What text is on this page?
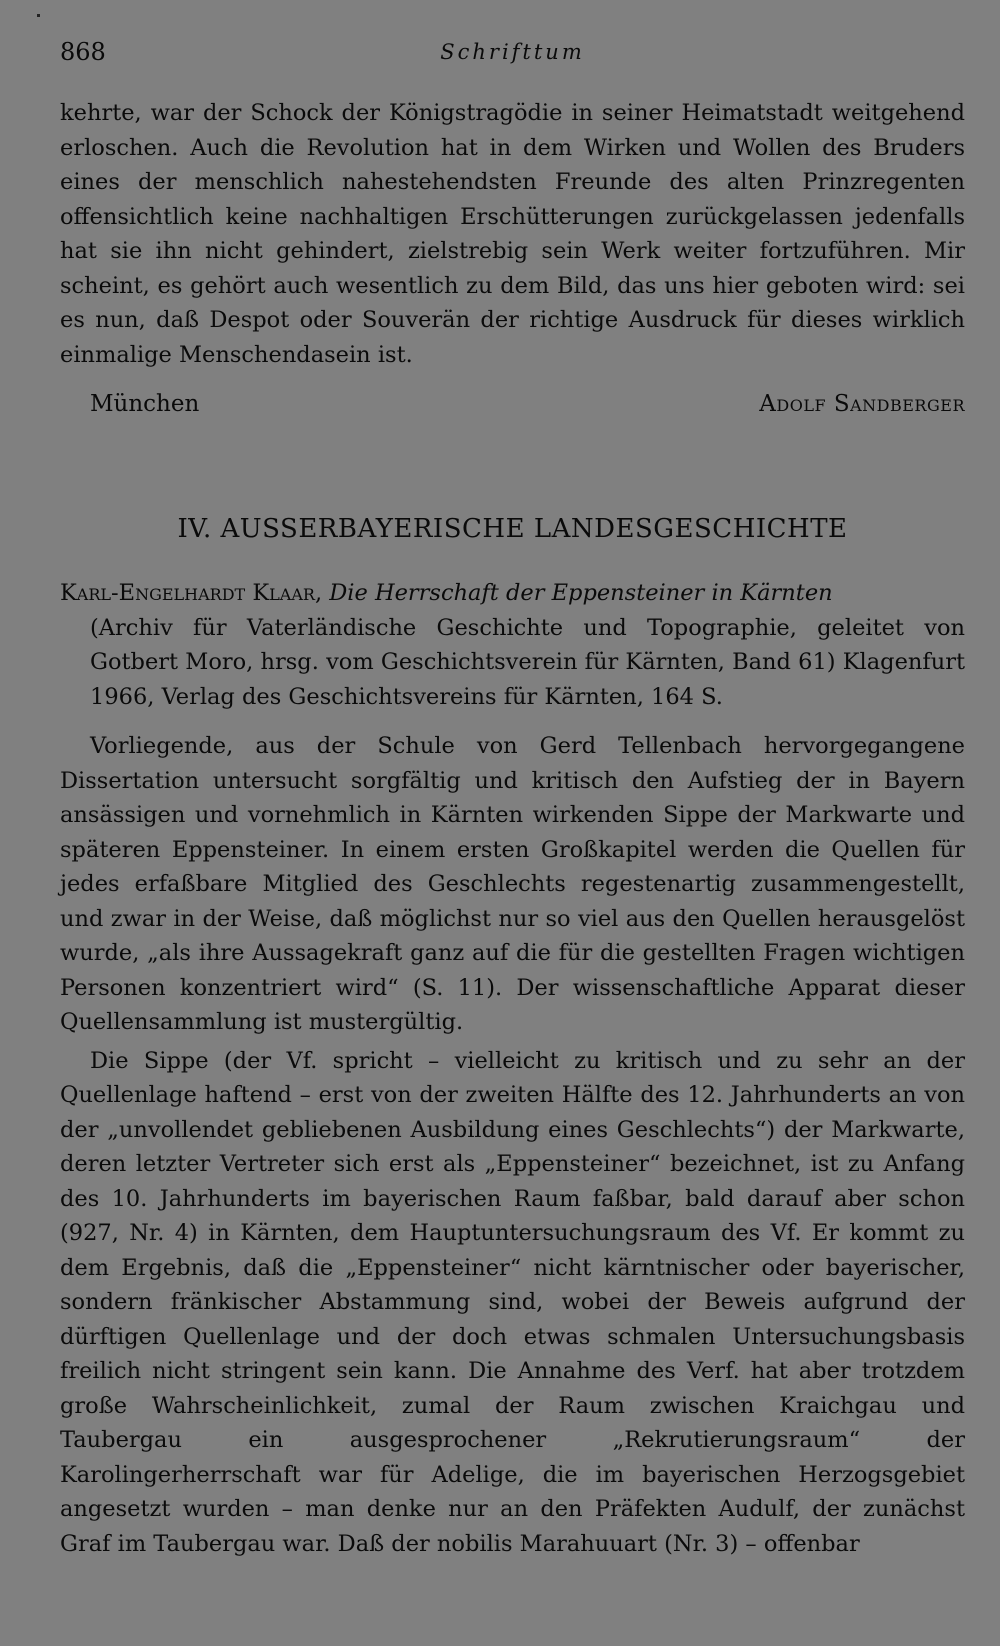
868	Schrifttum

kehrte, war der Schock der Königstragödie in seiner Heimatstadt weitgehend erloschen. Auch die Revolution hat in dem Wirken und Wollen des Bruders eines der menschlich nahestehendsten Freunde des alten Prinzregenten offensichtlich keine nachhaltigen Erschütterungen zurückgelassen jedenfalls hat sie ihn nicht gehindert, zielstrebig sein Werk weiter fortzuführen. Mir scheint, es gehört auch wesentlich zu dem Bild, das uns hier geboten wird: sei es nun, daß Despot oder Souverän der richtige Ausdruck für dieses wirklich einmalige Menschendasein ist.

München	Adolf Sandberger
IV. AUSSERBAYERISCHE LANDESGESCHICHTE
Karl-Engelhardt Klaar, Die Herrschaft der Eppensteiner in Kärnten
(Archiv für Vaterländische Geschichte und Topographie, geleitet von Gotbert Moro, hrsg. vom Geschichtsverein für Kärnten, Band 61) Klagenfurt 1966, Verlag des Geschichtsvereins für Kärnten, 164 S.

Vorliegende, aus der Schule von Gerd Tellenbach hervorgegangene Dissertation untersucht sorgfältig und kritisch den Aufstieg der in Bayern ansässigen und vornehmlich in Kärnten wirkenden Sippe der Markwarte und späteren Eppensteiner. In einem ersten Großkapitel werden die Quellen für jedes erfaßbare Mitglied des Geschlechts regestenartig zusammengestellt, und zwar in der Weise, daß möglichst nur so viel aus den Quellen herausgelöst wurde, „als ihre Aussagekraft ganz auf die für die gestellten Fragen wichtigen Personen konzentriert wird“ (S. 11). Der wissenschaftliche Apparat dieser Quellensammlung ist mustergültig.

Die Sippe (der Vf. spricht – vielleicht zu kritisch und zu sehr an der Quellenlage haftend – erst von der zweiten Hälfte des 12. Jahrhunderts an von der „unvollendet gebliebenen Ausbildung eines Geschlechts“) der Markwarte, deren letzter Vertreter sich erst als „Eppensteiner“ bezeichnet, ist zu Anfang des 10. Jahrhunderts im bayerischen Raum faßbar, bald darauf aber schon (927, Nr. 4) in Kärnten, dem Hauptuntersuchungsraum des Vf. Er kommt zu dem Ergebnis, daß die „Eppensteiner“ nicht kärntnischer oder bayerischer, sondern fränkischer Abstammung sind, wobei der Beweis aufgrund der dürftigen Quellenlage und der doch etwas schmalen Untersuchungsbasis freilich nicht stringent sein kann. Die Annahme des Verf. hat aber trotzdem große Wahrscheinlichkeit, zumal der Raum zwischen Kraichgau und Taubergau ein ausgesprochener „Rekrutierungsraum“ der Karolingerherrschaft war für Adelige, die im bayerischen Herzogsgebiet angesetzt wurden – man denke nur an den Präfekten Audulf, der zunächst Graf im Taubergau war. Daß der nobilis Marahuuart (Nr. 3) – offenbar
